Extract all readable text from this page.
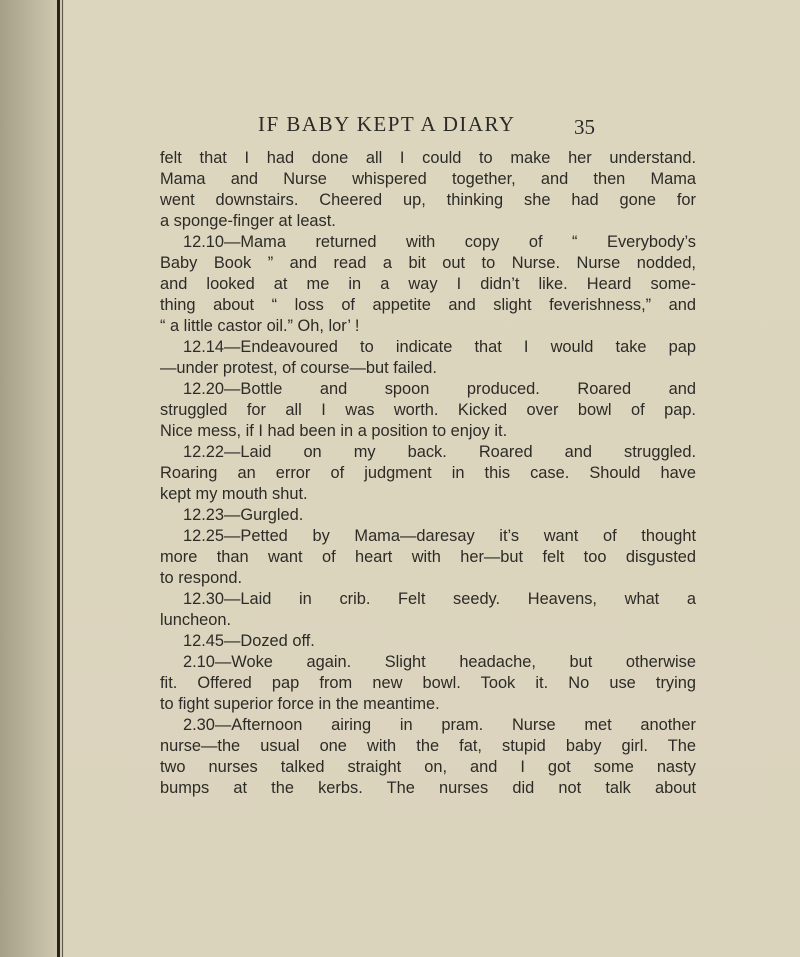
IF BABY KEPT A DIARY	35
felt that I had done all I could to make her understand.
Mama and Nurse whispered together, and then Mama
went downstairs. Cheered up, thinking she had gone for
a sponge-finger at least.
12.10—Mama returned with copy of “ Everybody’s
Baby Book ” and read a bit out to Nurse. Nurse nodded,
and looked at me in a way I didn’t like. Heard some-
thing about “ loss of appetite and slight feverishness,” and
“ a little castor oil.” Oh, lor’ !
12.14—Endeavoured to indicate that I would take pap
—under protest, of course—but failed.
12.20—Bottle and spoon produced. Roared and
struggled for all I was worth. Kicked over bowl of pap.
Nice mess, if I had been in a position to enjoy it.
12.22—Laid on my back. Roared and struggled.
Roaring an error of judgment in this case. Should have
kept my mouth shut.
12.23—Gurgled.
12.25—Petted by Mama—daresay it’s want of thought
more than want of heart with her—but felt too disgusted
to respond.
12.30—Laid in crib. Felt seedy. Heavens, what a
luncheon.
12.45—Dozed off.
2.10—Woke again. Slight headache, but otherwise
fit. Offered pap from new bowl. Took it. No use trying
to fight superior force in the meantime.
2.30—Afternoon airing in pram. Nurse met another
nurse—the usual one with the fat, stupid baby girl. The
two nurses talked straight on, and I got some nasty
bumps at the kerbs. The nurses did not talk about
